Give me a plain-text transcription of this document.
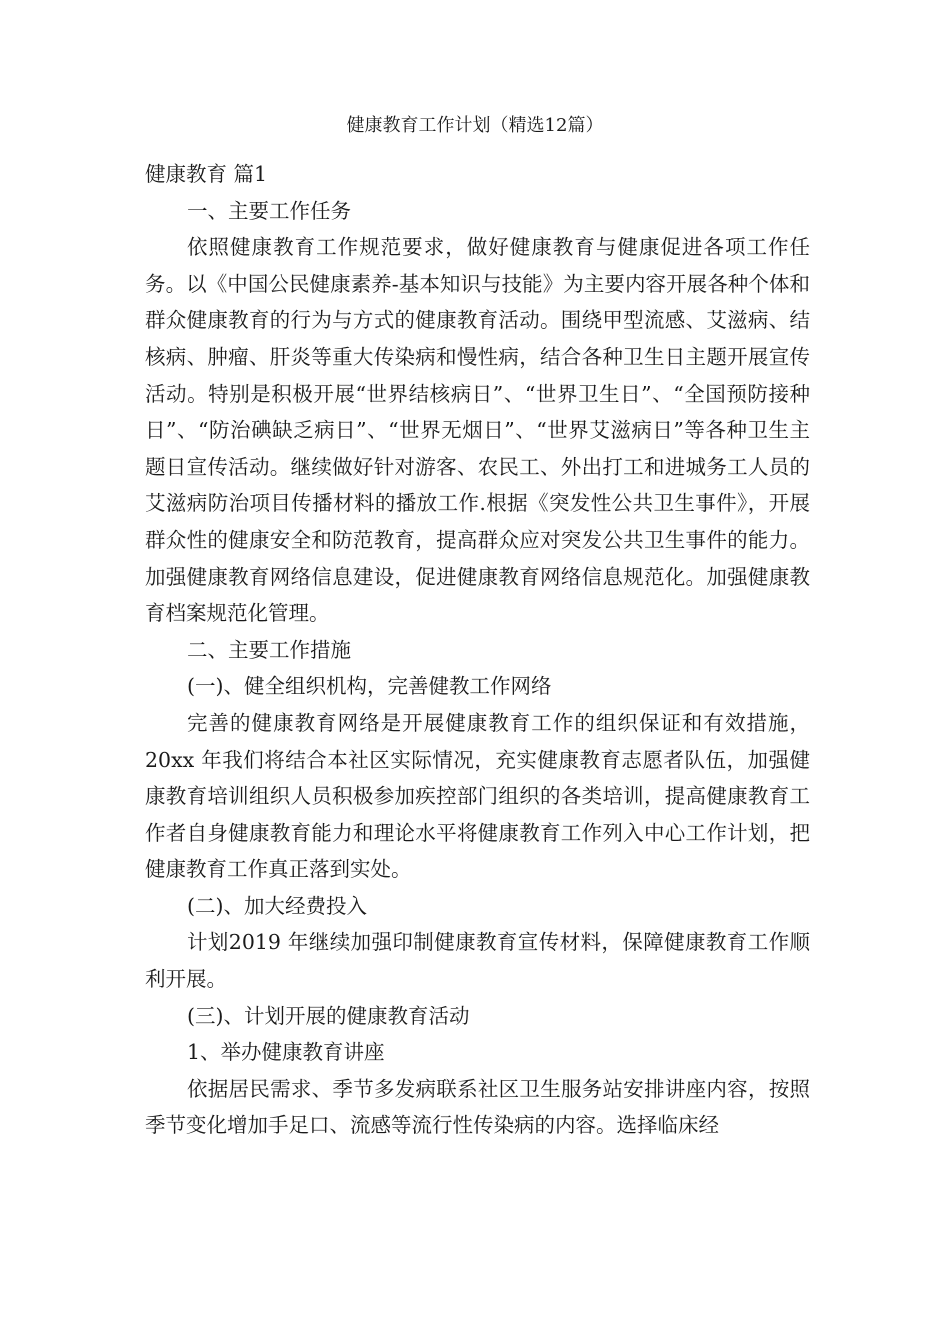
健康教育工作计划（精选12篇）

健康教育 篇1

一、主要工作任务

依照健康教育工作规范要求，做好健康教育与健康促进各项工作任务。以《中国公民健康素养-基本知识与技能》为主要内容开展各种个体和群众健康教育的行为与方式的健康教育活动。围绕甲型流感、艾滋病、结核病、肿瘤、肝炎等重大传染病和慢性病，结合各种卫生日主题开展宣传活动。特别是积极开展“世界结核病日”、“世界卫生日”、“全国预防接种日”、“防治碘缺乏病日”、“世界无烟日”、“世界艾滋病日”等各种卫生主题日宣传活动。继续做好针对游客、农民工、外出打工和进城务工人员的艾滋病防治项目传播材料的播放工作.根据《突发性公共卫生事件》，开展群众性的健康安全和防范教育，提高群众应对突发公共卫生事件的能力。加强健康教育网络信息建设，促进健康教育网络信息规范化。加强健康教育档案规范化管理。

二、主要工作措施

(一)、健全组织机构，完善健教工作网络

完善的健康教育网络是开展健康教育工作的组织保证和有效措施，20xx 年我们将结合本社区实际情况，充实健康教育志愿者队伍，加强健康教育培训组织人员积极参加疾控部门组织的各类培训，提高健康教育工作者自身健康教育能力和理论水平将健康教育工作列入中心工作计划，把健康教育工作真正落到实处。

(二)、加大经费投入

计划2019 年继续加强印制健康教育宣传材料，保障健康教育工作顺利开展。

(三)、计划开展的健康教育活动

1、举办健康教育讲座

依据居民需求、季节多发病联系社区卫生服务站安排讲座内容，按照季节变化增加手足口、流感等流行性传染病的内容。选择临床经
